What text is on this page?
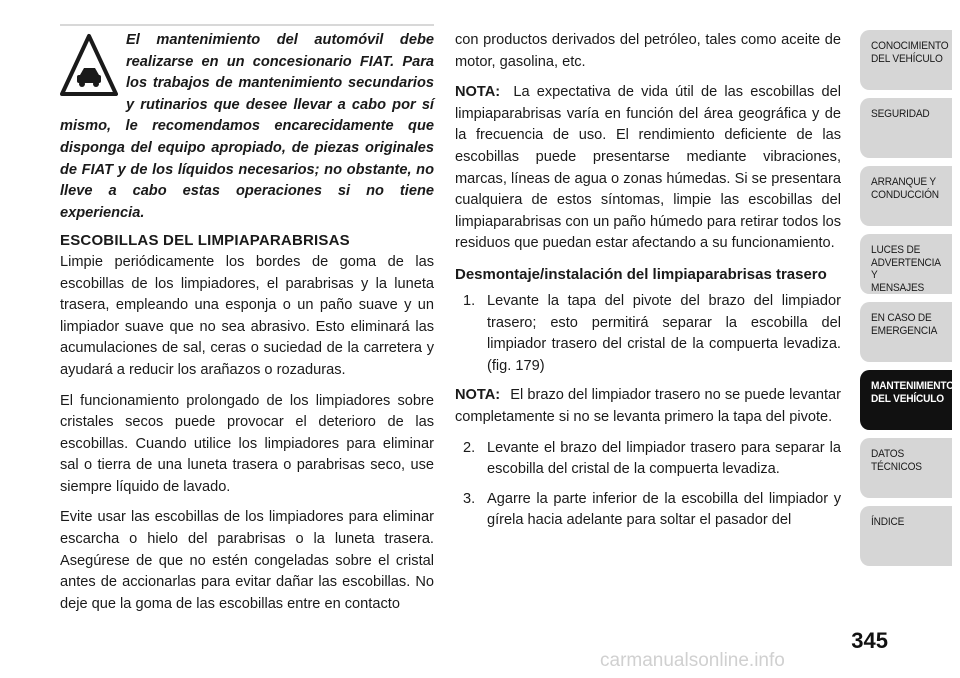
El mantenimiento del automóvil debe realizarse en un concesionario FIAT. Para los trabajos de mantenimiento secundarios y rutinarios que desee llevar a cabo por sí mismo, le recomendamos encarecidamente que disponga del equipo apropiado, de piezas originales de FIAT y de los líquidos necesarios; no obstante, no lleve a cabo estas operaciones si no tiene experiencia.
ESCOBILLAS DEL LIMPIAPARABRISAS

Limpie periódicamente los bordes de goma de las escobillas de los limpiadores, el parabrisas y la luneta trasera, empleando una esponja o un paño suave y un limpiador suave que no sea abrasivo. Esto eliminará las acumulaciones de sal, ceras o suciedad de la carretera y ayudará a reducir los arañazos o rozaduras.

El funcionamiento prolongado de los limpiadores sobre cristales secos puede provocar el deterioro de las escobillas. Cuando utilice los limpiadores para eliminar sal o tierra de una luneta trasera o parabrisas seco, use siempre líquido de lavado.

Evite usar las escobillas de los limpiadores para eliminar escarcha o hielo del parabrisas o la luneta trasera. Asegúrese de que no estén congeladas sobre el cristal antes de accionarlas para evitar dañar las escobillas. No deje que la goma de las escobillas entre en contacto

con productos derivados del petróleo, tales como aceite de motor, gasolina, etc.

NOTA: La expectativa de vida útil de las escobillas del limpiaparabrisas varía en función del área geográfica y de la frecuencia de uso. El rendimiento deficiente de las escobillas puede presentarse mediante vibraciones, marcas, líneas de agua o zonas húmedas. Si se presentara cualquiera de estos síntomas, limpie las escobillas del limpiaparabrisas con un paño húmedo para retirar todos los residuos que puedan estar afectando a su funcionamiento.

Desmontaje/instalación del limpiaparabrisas trasero
1. Levante la tapa del pivote del brazo del limpiador trasero; esto permitirá separar la escobilla del limpiador trasero del cristal de la compuerta levadiza.(fig. 179)

NOTA: El brazo del limpiador trasero no se puede levantar completamente si no se levanta primero la tapa del pivote.

2. Levante el brazo del limpiador trasero para separar la escobilla del cristal de la compuerta levadiza.
3. Agarre la parte inferior de la escobilla del limpiador y gírela hacia adelante para soltar el pasador del
CONOCIMIENTO
DEL VEHÍCULO
SEGURIDAD
ARRANQUE Y
CONDUCCIÓN
LUCES DE
ADVERTENCIA Y
MENSAJES
EN CASO DE
EMERGENCIA
MANTENIMIENTO
DEL VEHÍCULO
DATOS
TÉCNICOS
ÍNDICE
345
carmanualsonline.info
